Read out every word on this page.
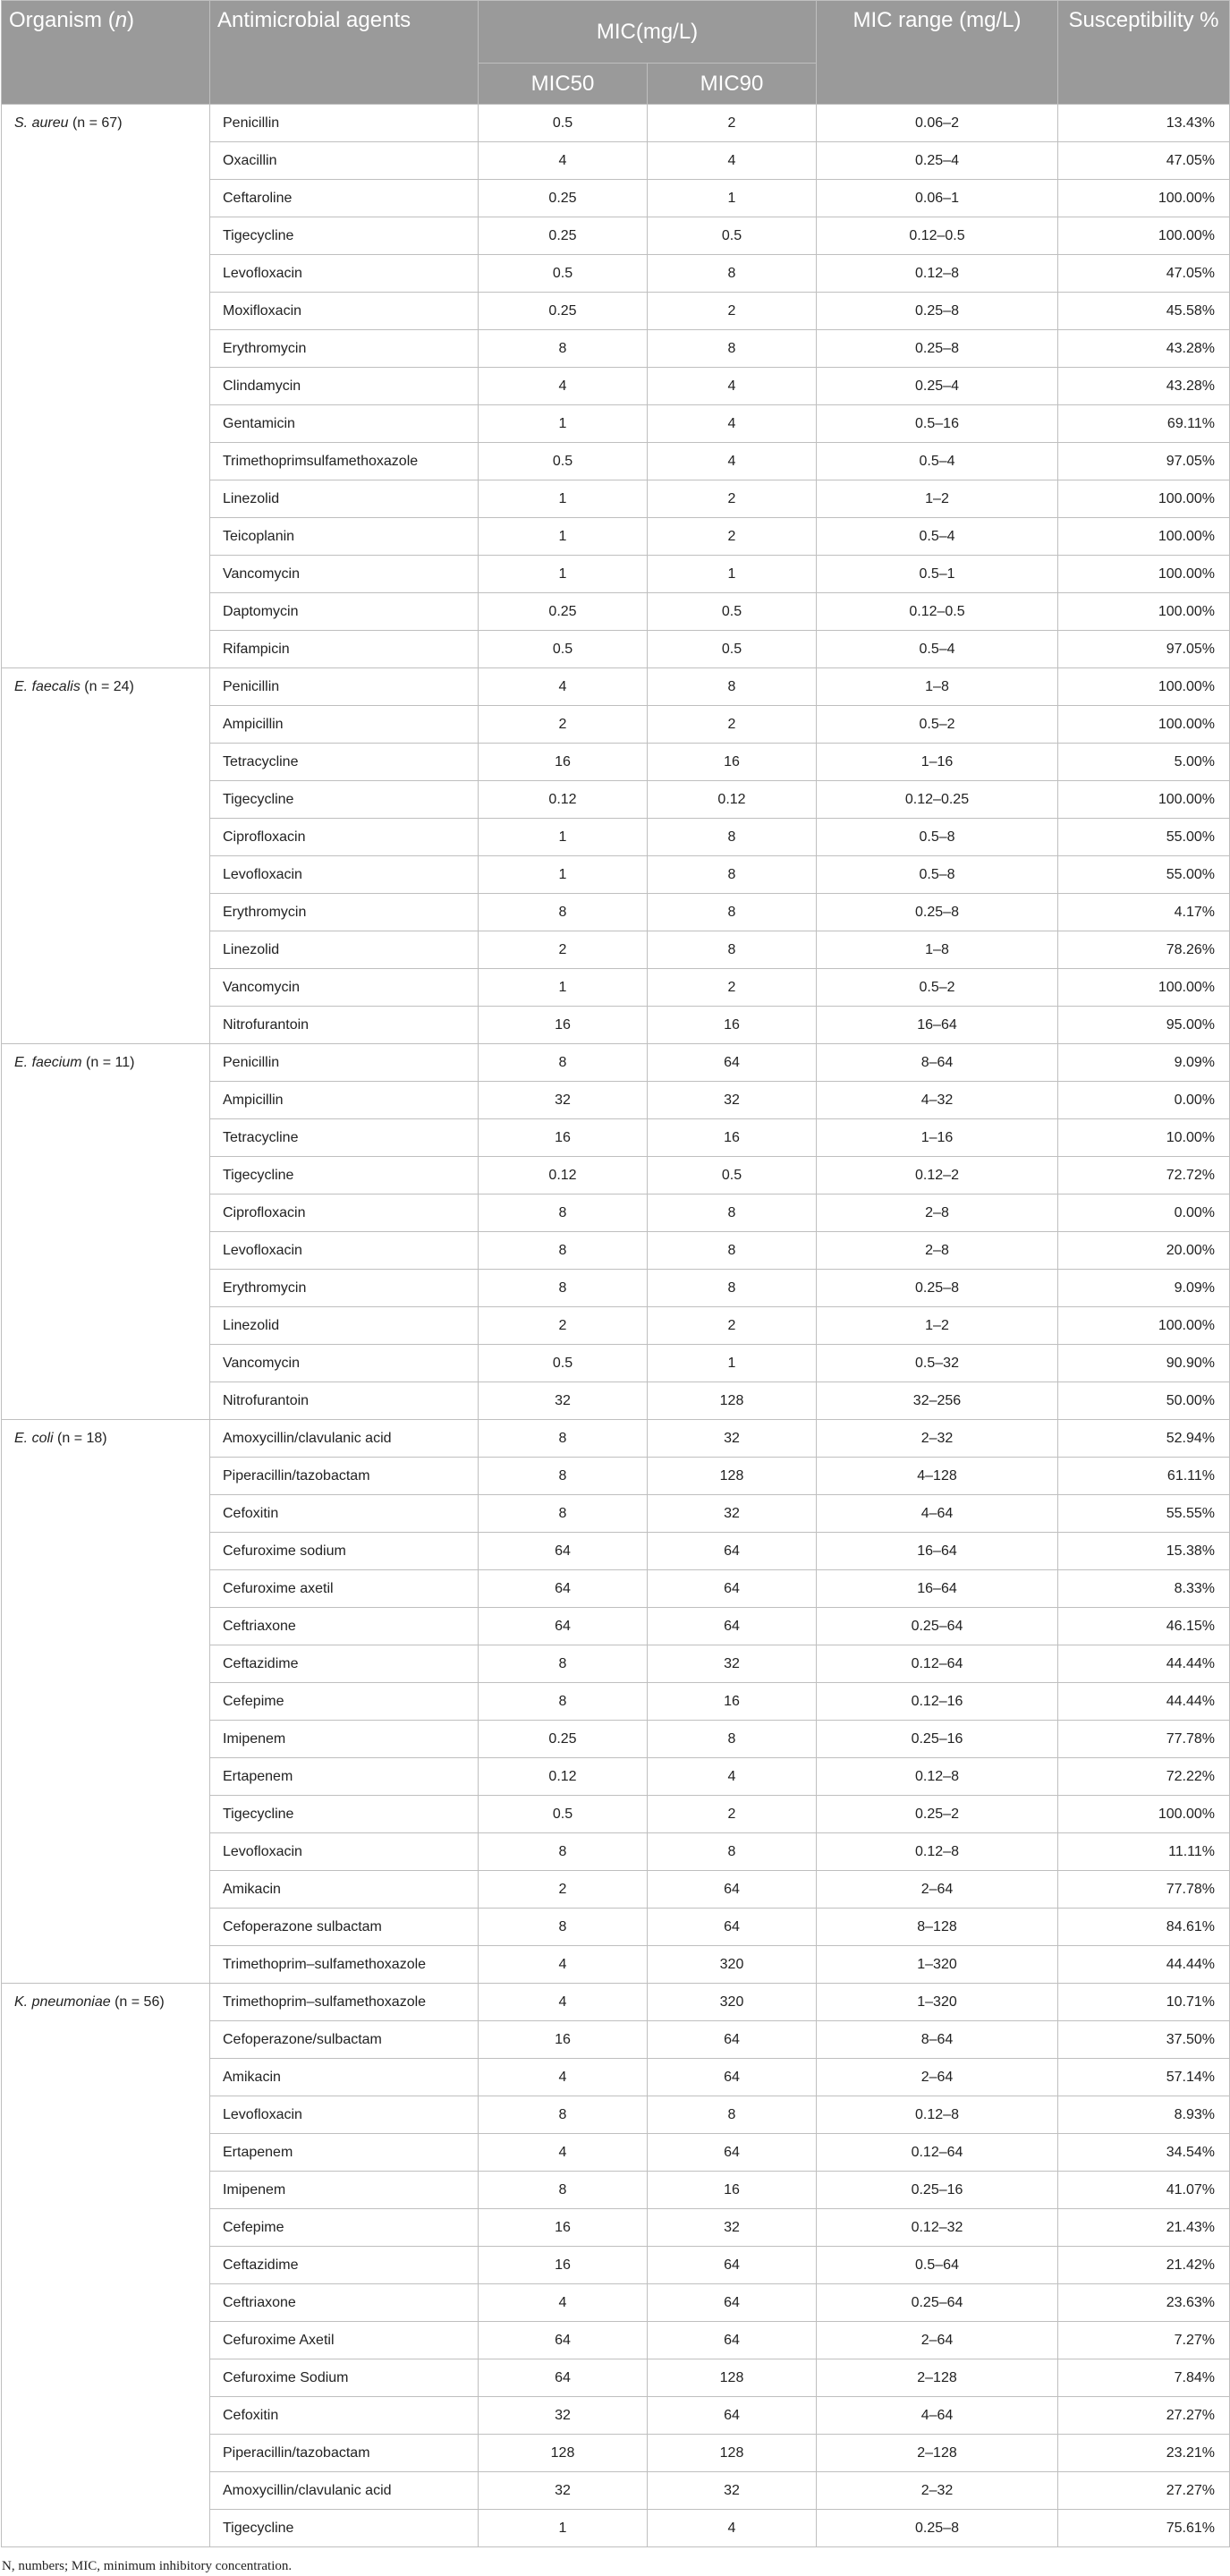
Organism (n)	Antimicrobial agents	MIC(mg/L)		MIC range (mg/L)	Susceptibility %
		MIC50	MIC90		
S. aureu (n = 67)	Penicillin	0.5	2	0.06–2	13.43%
	Oxacillin	4	4	0.25–4	47.05%
	Ceftaroline	0.25	1	0.06–1	100.00%
	Tigecycline	0.25	0.5	0.12–0.5	100.00%
	Levofloxacin	0.5	8	0.12–8	47.05%
	Moxifloxacin	0.25	2	0.25–8	45.58%
	Erythromycin	8	8	0.25–8	43.28%
	Clindamycin	4	4	0.25–4	43.28%
	Gentamicin	1	4	0.5–16	69.11%
	Trimethoprimsulfamethoxazole	0.5	4	0.5–4	97.05%
	Linezolid	1	2	1–2	100.00%
	Teicoplanin	1	2	0.5–4	100.00%
	Vancomycin	1	1	0.5–1	100.00%
	Daptomycin	0.25	0.5	0.12–0.5	100.00%
	Rifampicin	0.5	0.5	0.5–4	97.05%
E. faecalis (n = 24)	Penicillin	4	8	1–8	100.00%
	Ampicillin	2	2	0.5–2	100.00%
	Tetracycline	16	16	1–16	5.00%
	Tigecycline	0.12	0.12	0.12–0.25	100.00%
	Ciprofloxacin	1	8	0.5–8	55.00%
	Levofloxacin	1	8	0.5–8	55.00%
	Erythromycin	8	8	0.25–8	4.17%
	Linezolid	2	8	1–8	78.26%
	Vancomycin	1	2	0.5–2	100.00%
	Nitrofurantoin	16	16	16–64	95.00%
E. faecium (n = 11)	Penicillin	8	64	8–64	9.09%
	Ampicillin	32	32	4–32	0.00%
	Tetracycline	16	16	1–16	10.00%
	Tigecycline	0.12	0.5	0.12–2	72.72%
	Ciprofloxacin	8	8	2–8	0.00%
	Levofloxacin	8	8	2–8	20.00%
	Erythromycin	8	8	0.25–8	9.09%
	Linezolid	2	2	1–2	100.00%
	Vancomycin	0.5	1	0.5–32	90.90%
	Nitrofurantoin	32	128	32–256	50.00%
E. coli (n = 18)	Amoxycillin/clavulanic acid	8	32	2–32	52.94%
	Piperacillin/tazobactam	8	128	4–128	61.11%
	Cefoxitin	8	32	4–64	55.55%
	Cefuroxime sodium	64	64	16–64	15.38%
	Cefuroxime axetil	64	64	16–64	8.33%
	Ceftriaxone	64	64	0.25–64	46.15%
	Ceftazidime	8	32	0.12–64	44.44%
	Cefepime	8	16	0.12–16	44.44%
	Imipenem	0.25	8	0.25–16	77.78%
	Ertapenem	0.12	4	0.12–8	72.22%
	Tigecycline	0.5	2	0.25–2	100.00%
	Levofloxacin	8	8	0.12–8	11.11%
	Amikacin	2	64	2–64	77.78%
	Cefoperazone sulbactam	8	64	8–128	84.61%
	Trimethoprim–sulfamethoxazole	4	320	1–320	44.44%
K. pneumoniae (n = 56)	Trimethoprim–sulfamethoxazole	4	320	1–320	10.71%
	Cefoperazone/sulbactam	16	64	8–64	37.50%
	Amikacin	4	64	2–64	57.14%
	Levofloxacin	8	8	0.12–8	8.93%
	Ertapenem	4	64	0.12–64	34.54%
	Imipenem	8	16	0.25–16	41.07%
	Cefepime	16	32	0.12–32	21.43%
	Ceftazidime	16	64	0.5–64	21.42%
	Ceftriaxone	4	64	0.25–64	23.63%
	Cefuroxime Axetil	64	64	2–64	7.27%
	Cefuroxime Sodium	64	128	2–128	7.84%
	Cefoxitin	32	64	4–64	27.27%
	Piperacillin/tazobactam	128	128	2–128	23.21%
	Amoxycillin/clavulanic acid	32	32	2–32	27.27%
	Tigecycline	1	4	0.25–8	75.61%

N, numbers; MIC, minimum inhibitory concentration.
